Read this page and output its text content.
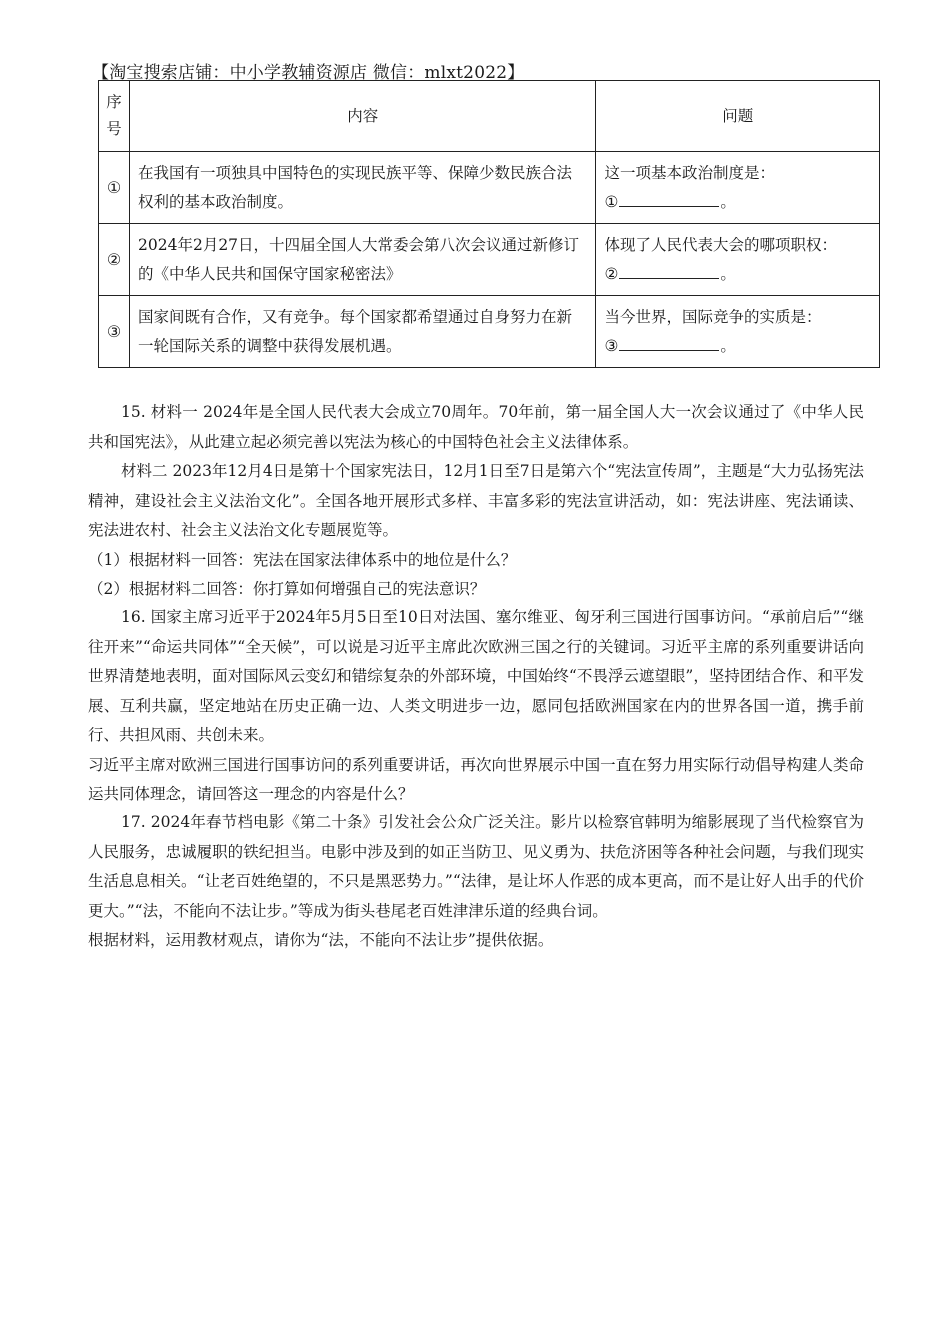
【淘宝搜索店铺：中小学教辅资源店 微信：mlxt2022】
序号	内容	问题
①	在我国有一项独具中国特色的实现民族平等、保障少数民族合法权利的基本政治制度。	这一项基本政治制度是：
① 。

②	2024年2月27日，十四届全国人大常委会第八次会议通过新修订的《中华人民共和国保守国家秘密法》	体现了人民代表大会的哪项职权：
② 。

③	国家间既有合作，又有竞争。每个国家都希望通过自身努力在新一轮国际关系的调整中获得发展机遇。	当今世界，国际竞争的实质是：
③ 。

15. 材料一 2024年是全国人民代表大会成立70周年。70年前，第一届全国人大一次会议通过了《中华人民共和国宪法》，从此建立起必须完善以宪法为核心的中国特色社会主义法律体系。

材料二 2023年12月4日是第十个国家宪法日，12月1日至7日是第六个“宪法宣传周”，主题是“大力弘扬宪法精神，建设社会主义法治文化”。全国各地开展形式多样、丰富多彩的宪法宣讲活动，如：宪法讲座、宪法诵读、宪法进农村、社会主义法治文化专题展览等。

（1）根据材料一回答：宪法在国家法律体系中的地位是什么？

（2）根据材料二回答：你打算如何增强自己的宪法意识？

16. 国家主席习近平于2024年5月5日至10日对法国、塞尔维亚、匈牙利三国进行国事访问。“承前启后”“继往开来”“命运共同体”“全天候”，可以说是习近平主席此次欧洲三国之行的关键词。习近平主席的系列重要讲话向世界清楚地表明，面对国际风云变幻和错综复杂的外部环境，中国始终“不畏浮云遮望眼”，坚持团结合作、和平发展、互利共赢，坚定地站在历史正确一边、人类文明进步一边，愿同包括欧洲国家在内的世界各国一道，携手前行、共担风雨、共创未来。

习近平主席对欧洲三国进行国事访问的系列重要讲话，再次向世界展示中国一直在努力用实际行动倡导构建人类命运共同体理念，请回答这一理念的内容是什么？

17. 2024年春节档电影《第二十条》引发社会公众广泛关注。影片以检察官韩明为缩影展现了当代检察官为人民服务，忠诚履职的铁纪担当。电影中涉及到的如正当防卫、见义勇为、扶危济困等各种社会问题，与我们现实生活息息相关。“让老百姓绝望的，不只是黑恶势力。”“法律，是让坏人作恶的成本更高，而不是让好人出手的代价更大。”“法，不能向不法让步。”等成为街头巷尾老百姓津津乐道的经典台词。

根据材料，运用教材观点，请你为“法，不能向不法让步”提供依据。
